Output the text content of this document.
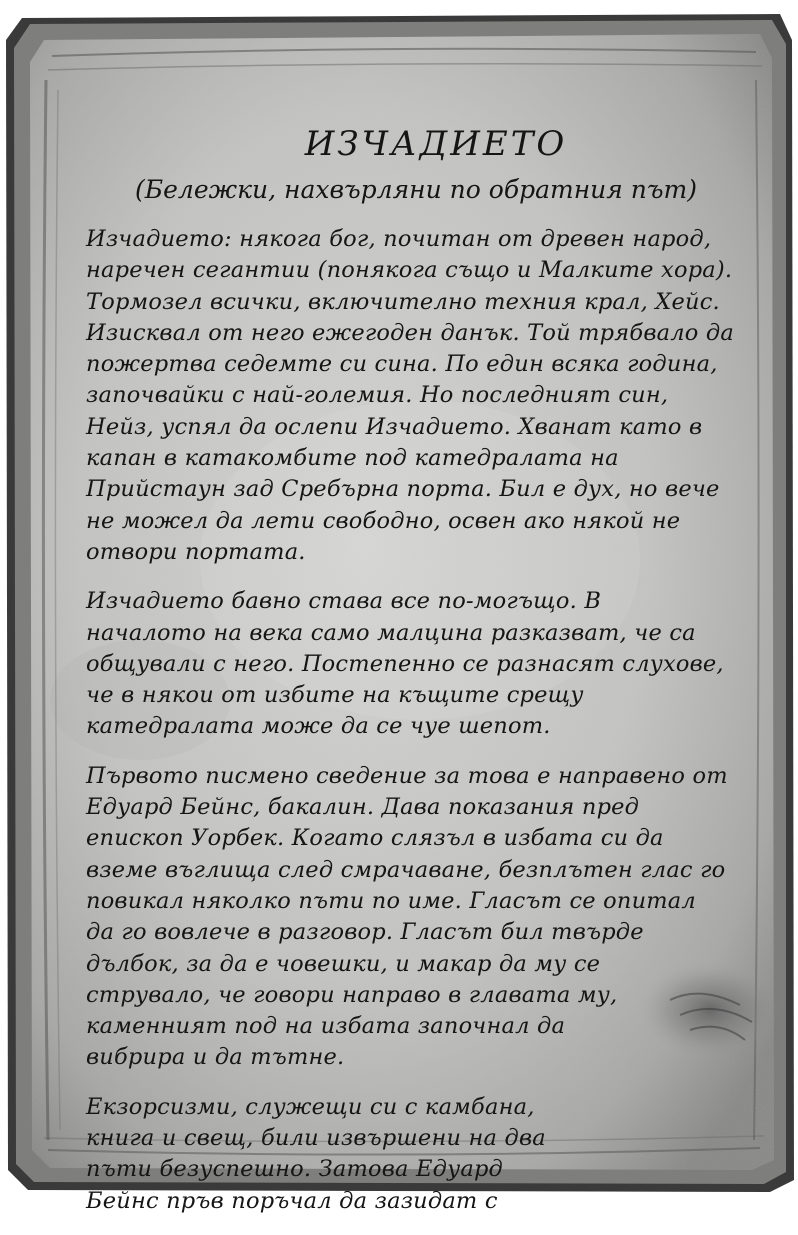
ИЗЧАДИЕТО
(Бележки, нахвърляни по обратния път)
Изчадието: някога бог, почитан от древен народ,
наречен сегантии (понякога също и Малките хора).
Тормозел всички, включително техния крал, Хейс.
Изисквал от него ежегоден данък. Той трябвало да
пожертва седемте си сина. По един всяка година,
започвайки с най-големия. Но последният син,
Нейз, успял да ослепи Изчадието. Хванат като в
капан в катакомбите под катедралата на
Прийстаун зад Сребърна порта. Бил е дух, но вече
не можел да лети свободно, освен ако някой не
отвори портата.
Изчадието бавно става все по-могъщо. В
началото на века само малцина разказват, че са
общували с него. Постепенно се разнасят слухове,
че в някои от избите на къщите срещу
катедралата може да се чуе шепот.
Първото писмено сведение за това е направено от
Едуард Бейнс, бакалин. Дава показания пред
епископ Уорбек. Когато слязъл в избата си да
вземе въглища след смрачаване, безплътен глас го
повикал няколко пъти по име. Гласът се опитал
да го вовлече в разговор. Гласът бил твърде
дълбок, за да е човешки, и макар да му се
струвало, че говори направо в главата му,
каменният под на избата започнал да
вибрира и да тътне.
Екзорсизми, служещи си с камбана,
книга и свещ, били извършени на два
пъти безуспешно. Затова Едуард
Бейнс пръв поръчал да зазидат с
